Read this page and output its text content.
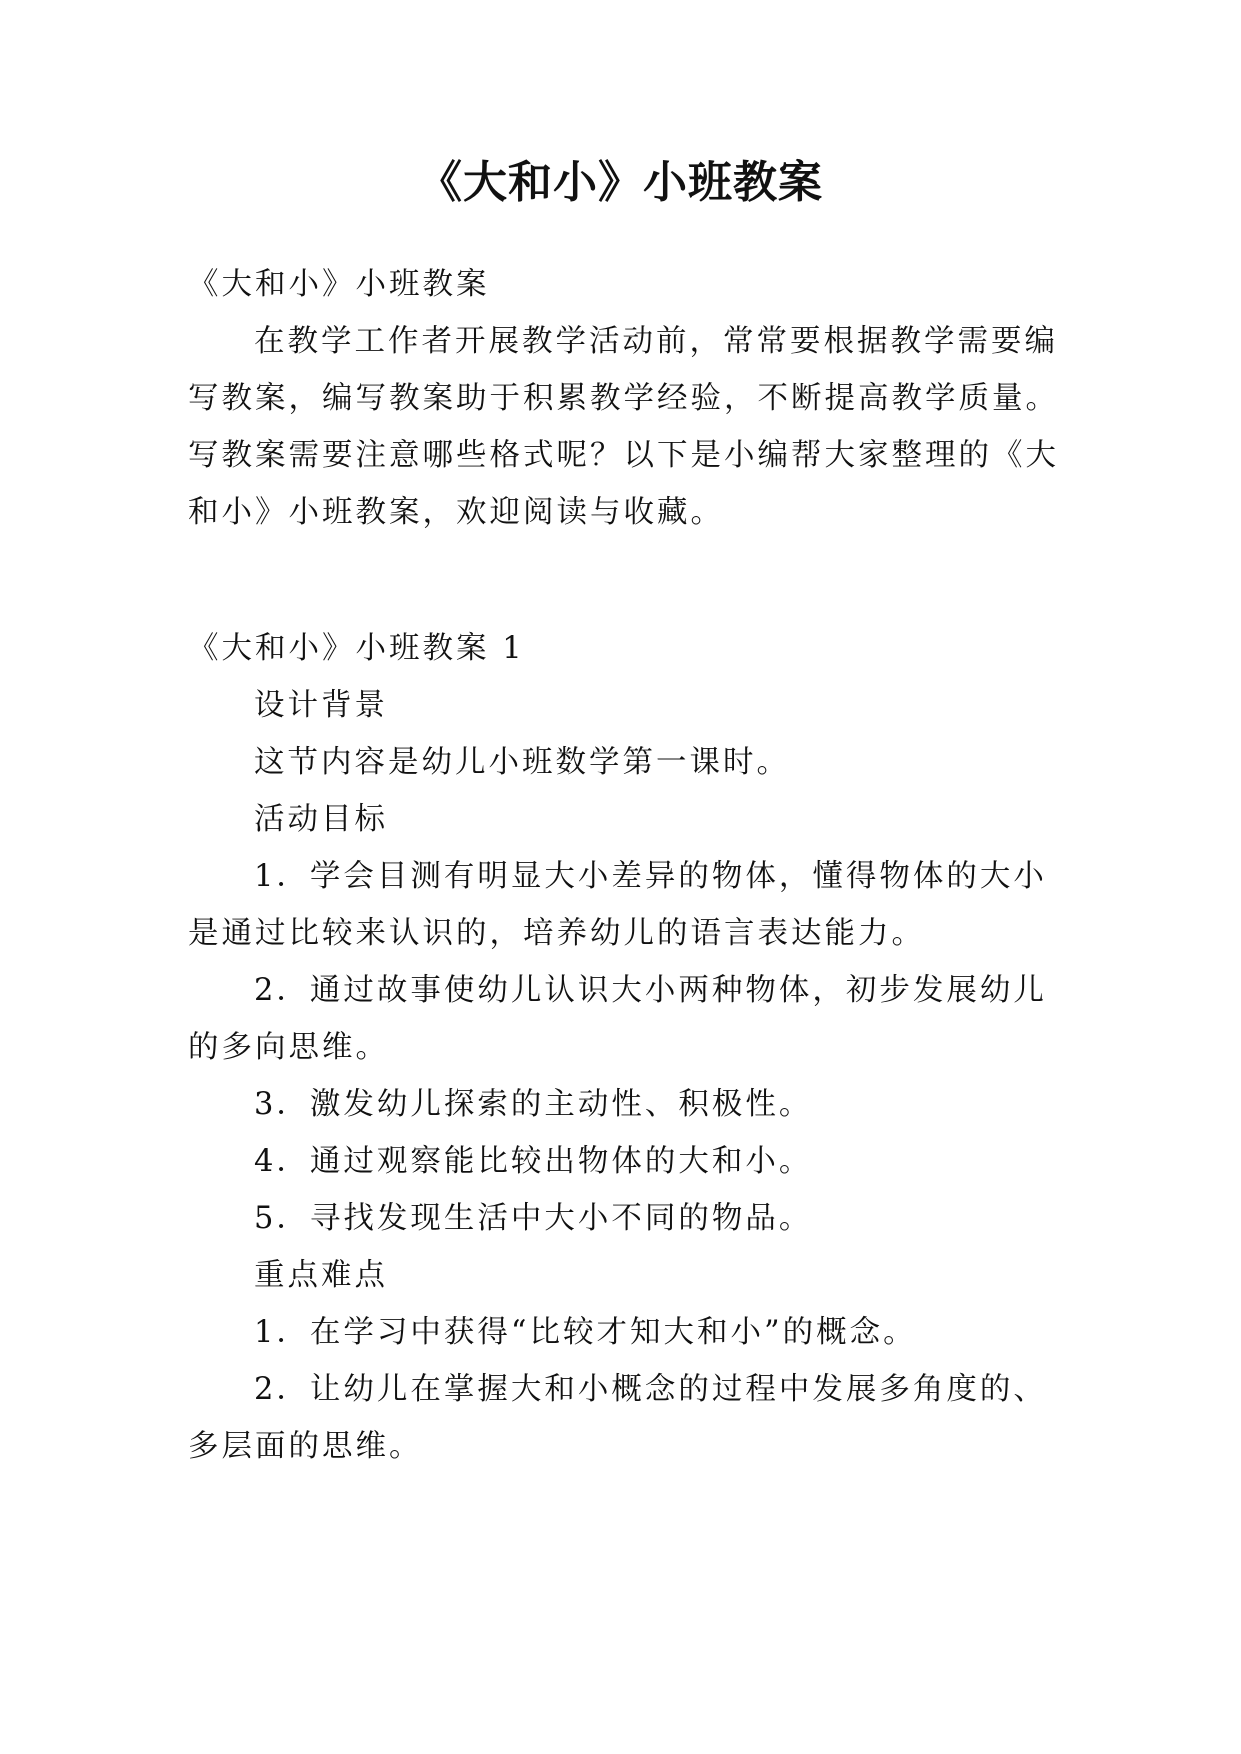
《大和小》小班教案

《大和小》小班教案

在教学工作者开展教学活动前，常常要根据教学需要编写教案，编写教案助于积累教学经验，不断提高教学质量。写教案需要注意哪些格式呢？以下是小编帮大家整理的《大和小》小班教案，欢迎阅读与收藏。

《大和小》小班教案 1

设计背景

这节内容是幼儿小班数学第一课时。

活动目标

1．学会目测有明显大小差异的物体，懂得物体的大小是通过比较来认识的，培养幼儿的语言表达能力。

2．通过故事使幼儿认识大小两种物体，初步发展幼儿的多向思维。

3．激发幼儿探索的主动性、积极性。

4．通过观察能比较出物体的大和小。

5．寻找发现生活中大小不同的物品。

重点难点

1．在学习中获得“比较才知大和小”的概念。

2．让幼儿在掌握大和小概念的过程中发展多角度的、多层面的思维。
